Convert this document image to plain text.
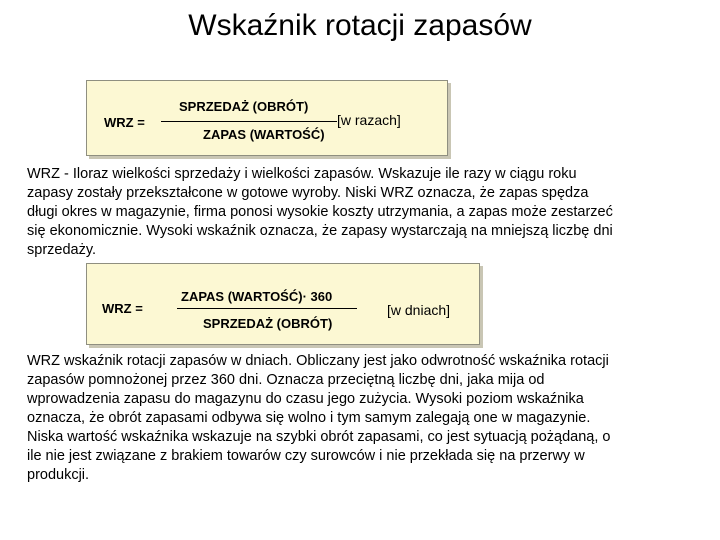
Wskaźnik rotacji zapasów
WRZ =
SPRZEDAŻ (OBRÓT)
ZAPAS (WARTOŚĆ)
[w razach]

WRZ - Iloraz wielkości sprzedaży i wielkości zapasów. Wskazuje ile razy w ciągu roku
zapasy zostały przekształcone w gotowe wyroby. Niski WRZ oznacza, że zapas spędza
długi okres w magazynie, firma ponosi wysokie koszty utrzymania, a zapas może zestarzeć
się ekonomicznie. Wysoki wskaźnik oznacza, że zapasy wystarczają na mniejszą liczbę dni
sprzedaży.

WRZ =
ZAPAS (WARTOŚĆ)· 360
SPRZEDAŻ (OBRÓT)
[w dniach]

WRZ wskaźnik rotacji zapasów w dniach. Obliczany jest jako odwrotność wskaźnika rotacji
zapasów pomnożonej przez 360 dni. Oznacza przeciętną liczbę dni, jaka mija od
wprowadzenia zapasu do magazynu do czasu jego zużycia. Wysoki poziom wskaźnika
oznacza, że obrót zapasami odbywa się wolno i tym samym zalegają one w magazynie.
Niska wartość wskaźnika wskazuje na szybki obrót zapasami, co jest sytuacją pożądaną, o
ile nie jest związane z brakiem towarów czy surowców i nie przekłada się na przerwy w
produkcji.
